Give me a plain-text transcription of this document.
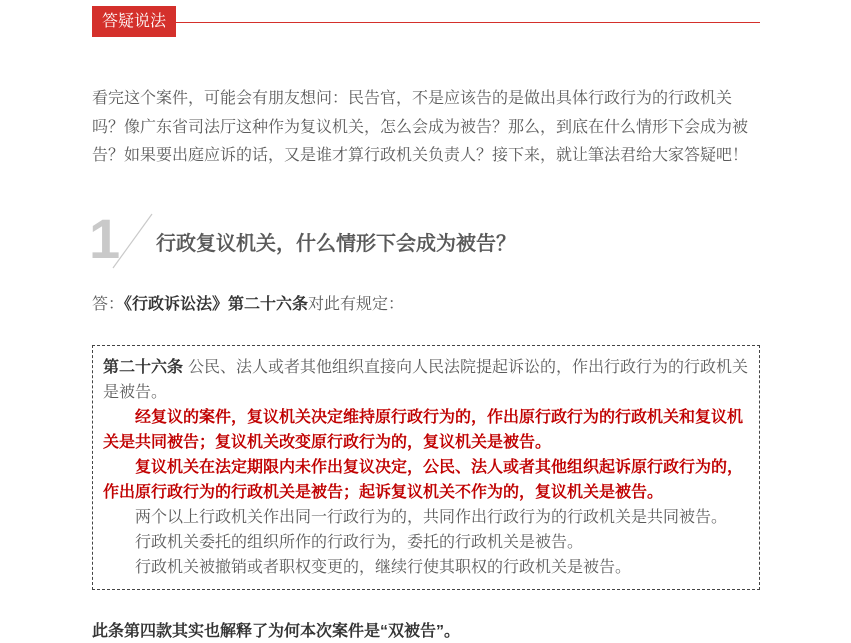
答疑说法

看完这个案件，可能会有朋友想问：民告官，不是应该告的是做出具体行政行为的行政机关吗？像广东省司法厅这种作为复议机关，怎么会成为被告？那么，到底在什么情形下会成为被告？如果要出庭应诉的话，又是谁才算行政机关负责人？接下来，就让筆法君给大家答疑吧！

1 行政复议机关，什么情形下会成为被告？

答：《行政诉讼法》第二十六条对此有规定：

第二十六条 公民、法人或者其他组织直接向人民法院提起诉讼的，作出行政行为的行政机关是被告。

经复议的案件，复议机关决定维持原行政行为的，作出原行政行为的行政机关和复议机关是共同被告；复议机关改变原行政行为的，复议机关是被告。

复议机关在法定期限内未作出复议决定，公民、法人或者其他组织起诉原行政行为的，作出原行政行为的行政机关是被告；起诉复议机关不作为的，复议机关是被告。

两个以上行政机关作出同一行政行为的，共同作出行政行为的行政机关是共同被告。

行政机关委托的组织所作的行政行为，委托的行政机关是被告。

行政机关被撤销或者职权变更的，继续行使其职权的行政机关是被告。

此条第四款其实也解释了为何本次案件是“双被告”。
